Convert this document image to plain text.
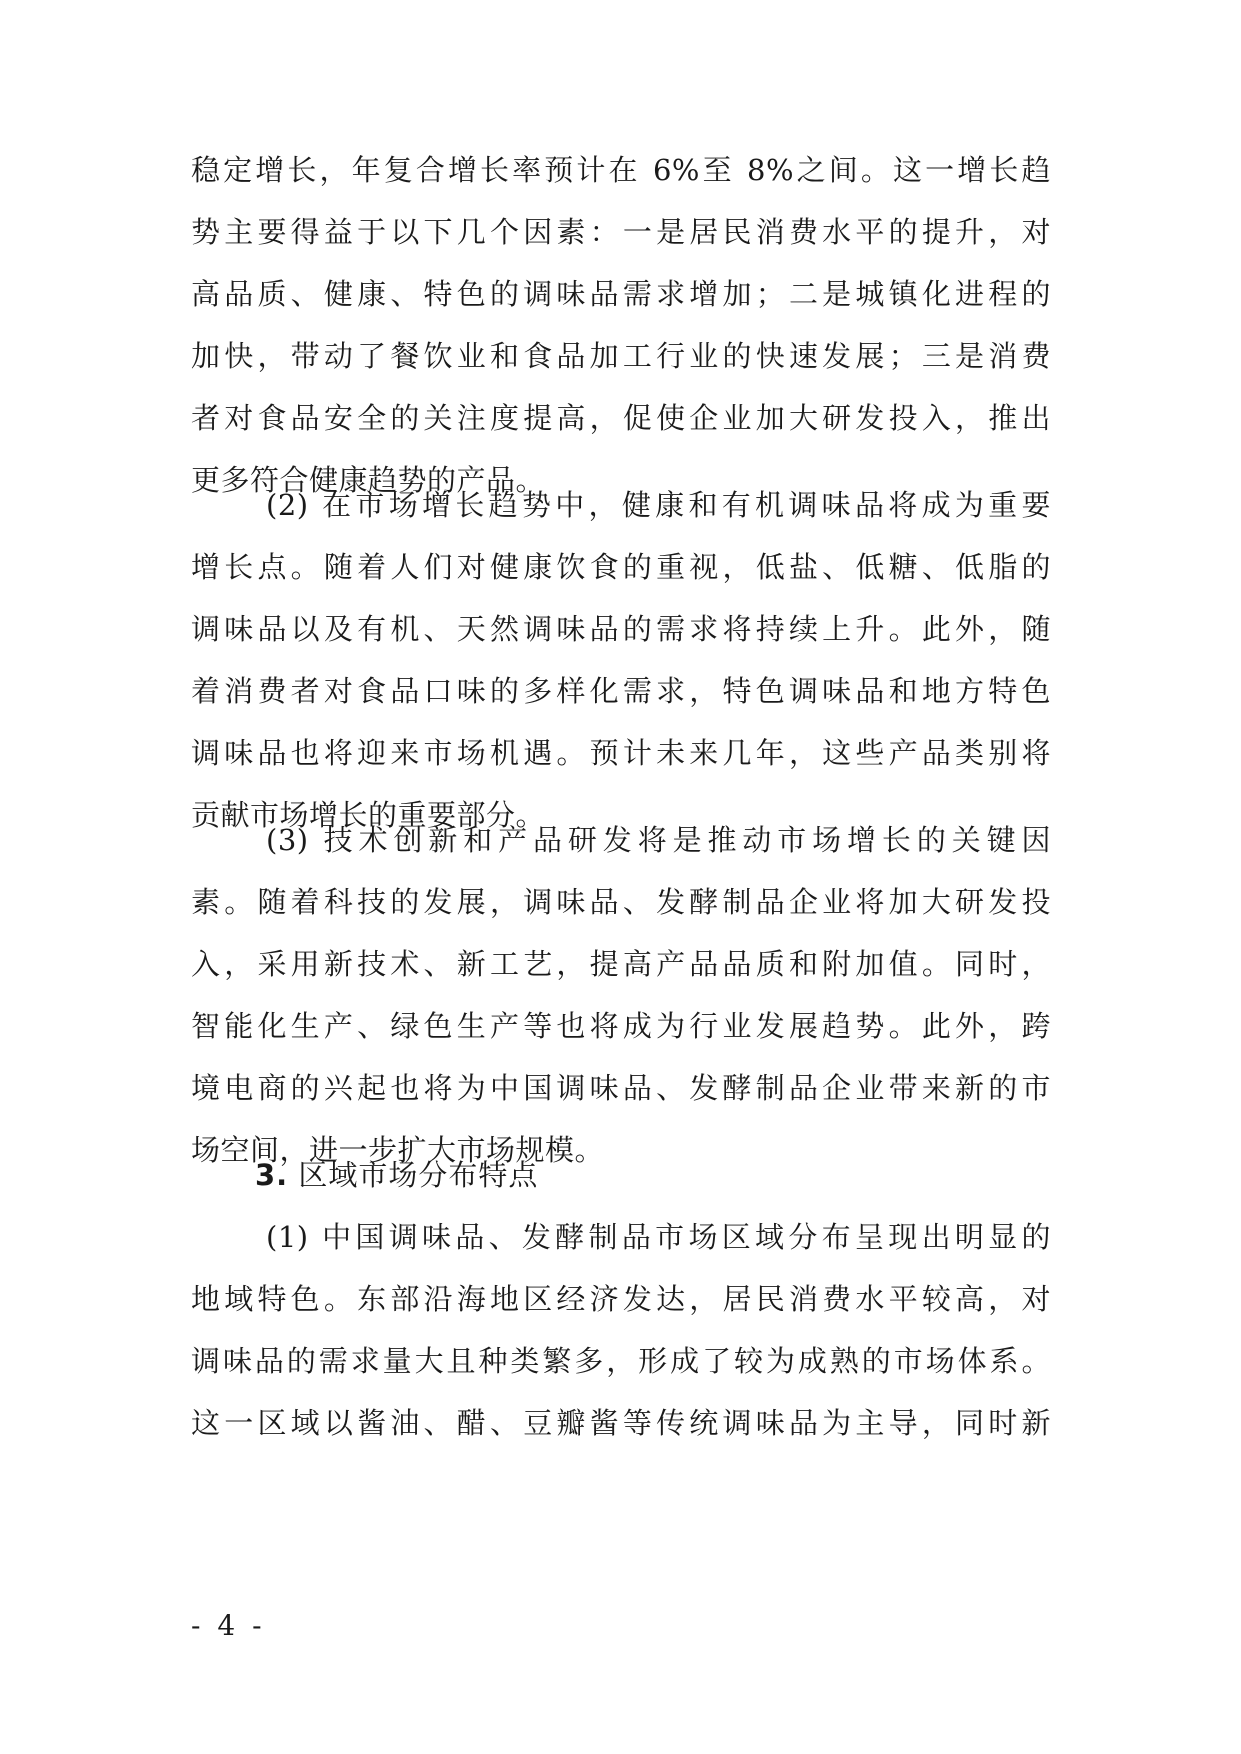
稳定增长，年复合增长率预计在 6%至 8%之间。这一增长趋
势主要得益于以下几个因素：一是居民消费水平的提升，对
高品质、健康、特色的调味品需求增加；二是城镇化进程的
加快，带动了餐饮业和食品加工行业的快速发展；三是消费
者对食品安全的关注度提高，促使企业加大研发投入，推出
更多符合健康趋势的产品。
(2) 在市场增长趋势中，健康和有机调味品将成为重要
增长点。随着人们对健康饮食的重视，低盐、低糖、低脂的
调味品以及有机、天然调味品的需求将持续上升。此外，随
着消费者对食品口味的多样化需求，特色调味品和地方特色
调味品也将迎来市场机遇。预计未来几年，这些产品类别将
贡献市场增长的重要部分。
(3) 技术创新和产品研发将是推动市场增长的关键因
素。随着科技的发展，调味品、发酵制品企业将加大研发投
入，采用新技术、新工艺，提高产品品质和附加值。同时，
智能化生产、绿色生产等也将成为行业发展趋势。此外，跨
境电商的兴起也将为中国调味品、发酵制品企业带来新的市
场空间，进一步扩大市场规模。
3. 区域市场分布特点
(1) 中国调味品、发酵制品市场区域分布呈现出明显的
地域特色。东部沿海地区经济发达，居民消费水平较高，对
调味品的需求量大且种类繁多，形成了较为成熟的市场体系。
这一区域以酱油、醋、豆瓣酱等传统调味品为主导，同时新
- 4 -
